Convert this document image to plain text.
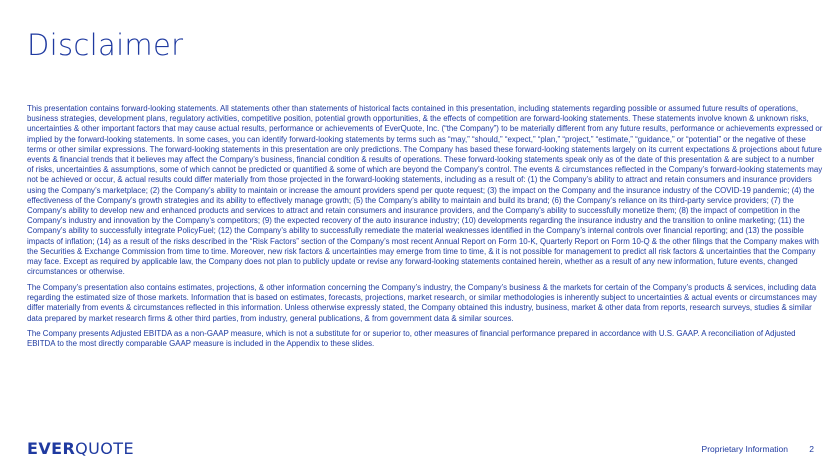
Disclaimer

This presentation contains forward-looking statements. All statements other than statements of historical facts contained in this presentation, including statements regarding possible or assumed future results of operations, business strategies, development plans, regulatory activities, competitive position, potential growth opportunities, & the effects of competition are forward-looking statements. These statements involve known & unknown risks, uncertainties & other important factors that may cause actual results, performance or achievements of EverQuote, Inc. (“the Company”) to be materially different from any future results, performance or achievements expressed or implied by the forward-looking statements. In some cases, you can identify forward-looking statements by terms such as “may,” “should,” “expect,” “plan,” “project,” “estimate,” “guidance,” or “potential” or the negative of these terms or other similar expressions. The forward-looking statements in this presentation are only predictions. The Company has based these forward-looking statements largely on its current expectations & projections about future events & financial trends that it believes may affect the Company’s business, financial condition & results of operations. These forward-looking statements speak only as of the date of this presentation & are subject to a number of risks, uncertainties & assumptions, some of which cannot be predicted or quantified & some of which are beyond the Company’s control. The events & circumstances reflected in the Company’s forward-looking statements may not be achieved or occur, & actual results could differ materially from those projected in the forward-looking statements, including as a result of: (1) the Company’s ability to attract and retain consumers and insurance providers using the Company’s marketplace; (2) the Company’s ability to maintain or increase the amount providers spend per quote request; (3) the impact on the Company and the insurance industry of the COVID-19 pandemic; (4) the effectiveness of the Company’s growth strategies and its ability to effectively manage growth; (5) the Company’s ability to maintain and build its brand; (6) the Company’s reliance on its third-party service providers; (7) the Company’s ability to develop new and enhanced products and services to attract and retain consumers and insurance providers, and the Company’s ability to successfully monetize them; (8) the impact of competition in the Company’s industry and innovation by the Company’s competitors; (9) the expected recovery of the auto insurance industry; (10) developments regarding the insurance industry and the transition to online marketing; (11) the Company’s ability to successfully integrate PolicyFuel; (12) the Company’s ability to successfully remediate the material weaknesses identified in the Company’s internal controls over financial reporting; and (13) the possible impacts of inflation; (14) as a result of the risks described in the “Risk Factors” section of the Company’s most recent Annual Report on Form 10-K, Quarterly Report on Form 10-Q & the other filings that the Company makes with the Securities & Exchange Commission from time to time. Moreover, new risk factors & uncertainties may emerge from time to time, & it is not possible for management to predict all risk factors & uncertainties that the Company may face. Except as required by applicable law, the Company does not plan to publicly update or revise any forward-looking statements contained herein, whether as a result of any new information, future events, changed circumstances or otherwise.

The Company’s presentation also contains estimates, projections, & other information concerning the Company’s industry, the Company’s business & the markets for certain of the Company’s products & services, including data regarding the estimated size of those markets. Information that is based on estimates, forecasts, projections, market research, or similar methodologies is inherently subject to uncertainties & actual events or circumstances may differ materially from events & circumstances reflected in this information. Unless otherwise expressly stated, the Company obtained this industry, business, market & other data from reports, research surveys, studies & similar data prepared by market research firms & other third parties, from industry, general publications, & from government data & similar sources.

The Company presents Adjusted EBITDA as a non-GAAP measure, which is not a substitute for or superior to, other measures of financial performance prepared in accordance with U.S. GAAP. A reconciliation of Adjusted EBITDA to the most directly comparable GAAP measure is included in the Appendix to these slides.

EVERQUOTE	Proprietary Information	2
